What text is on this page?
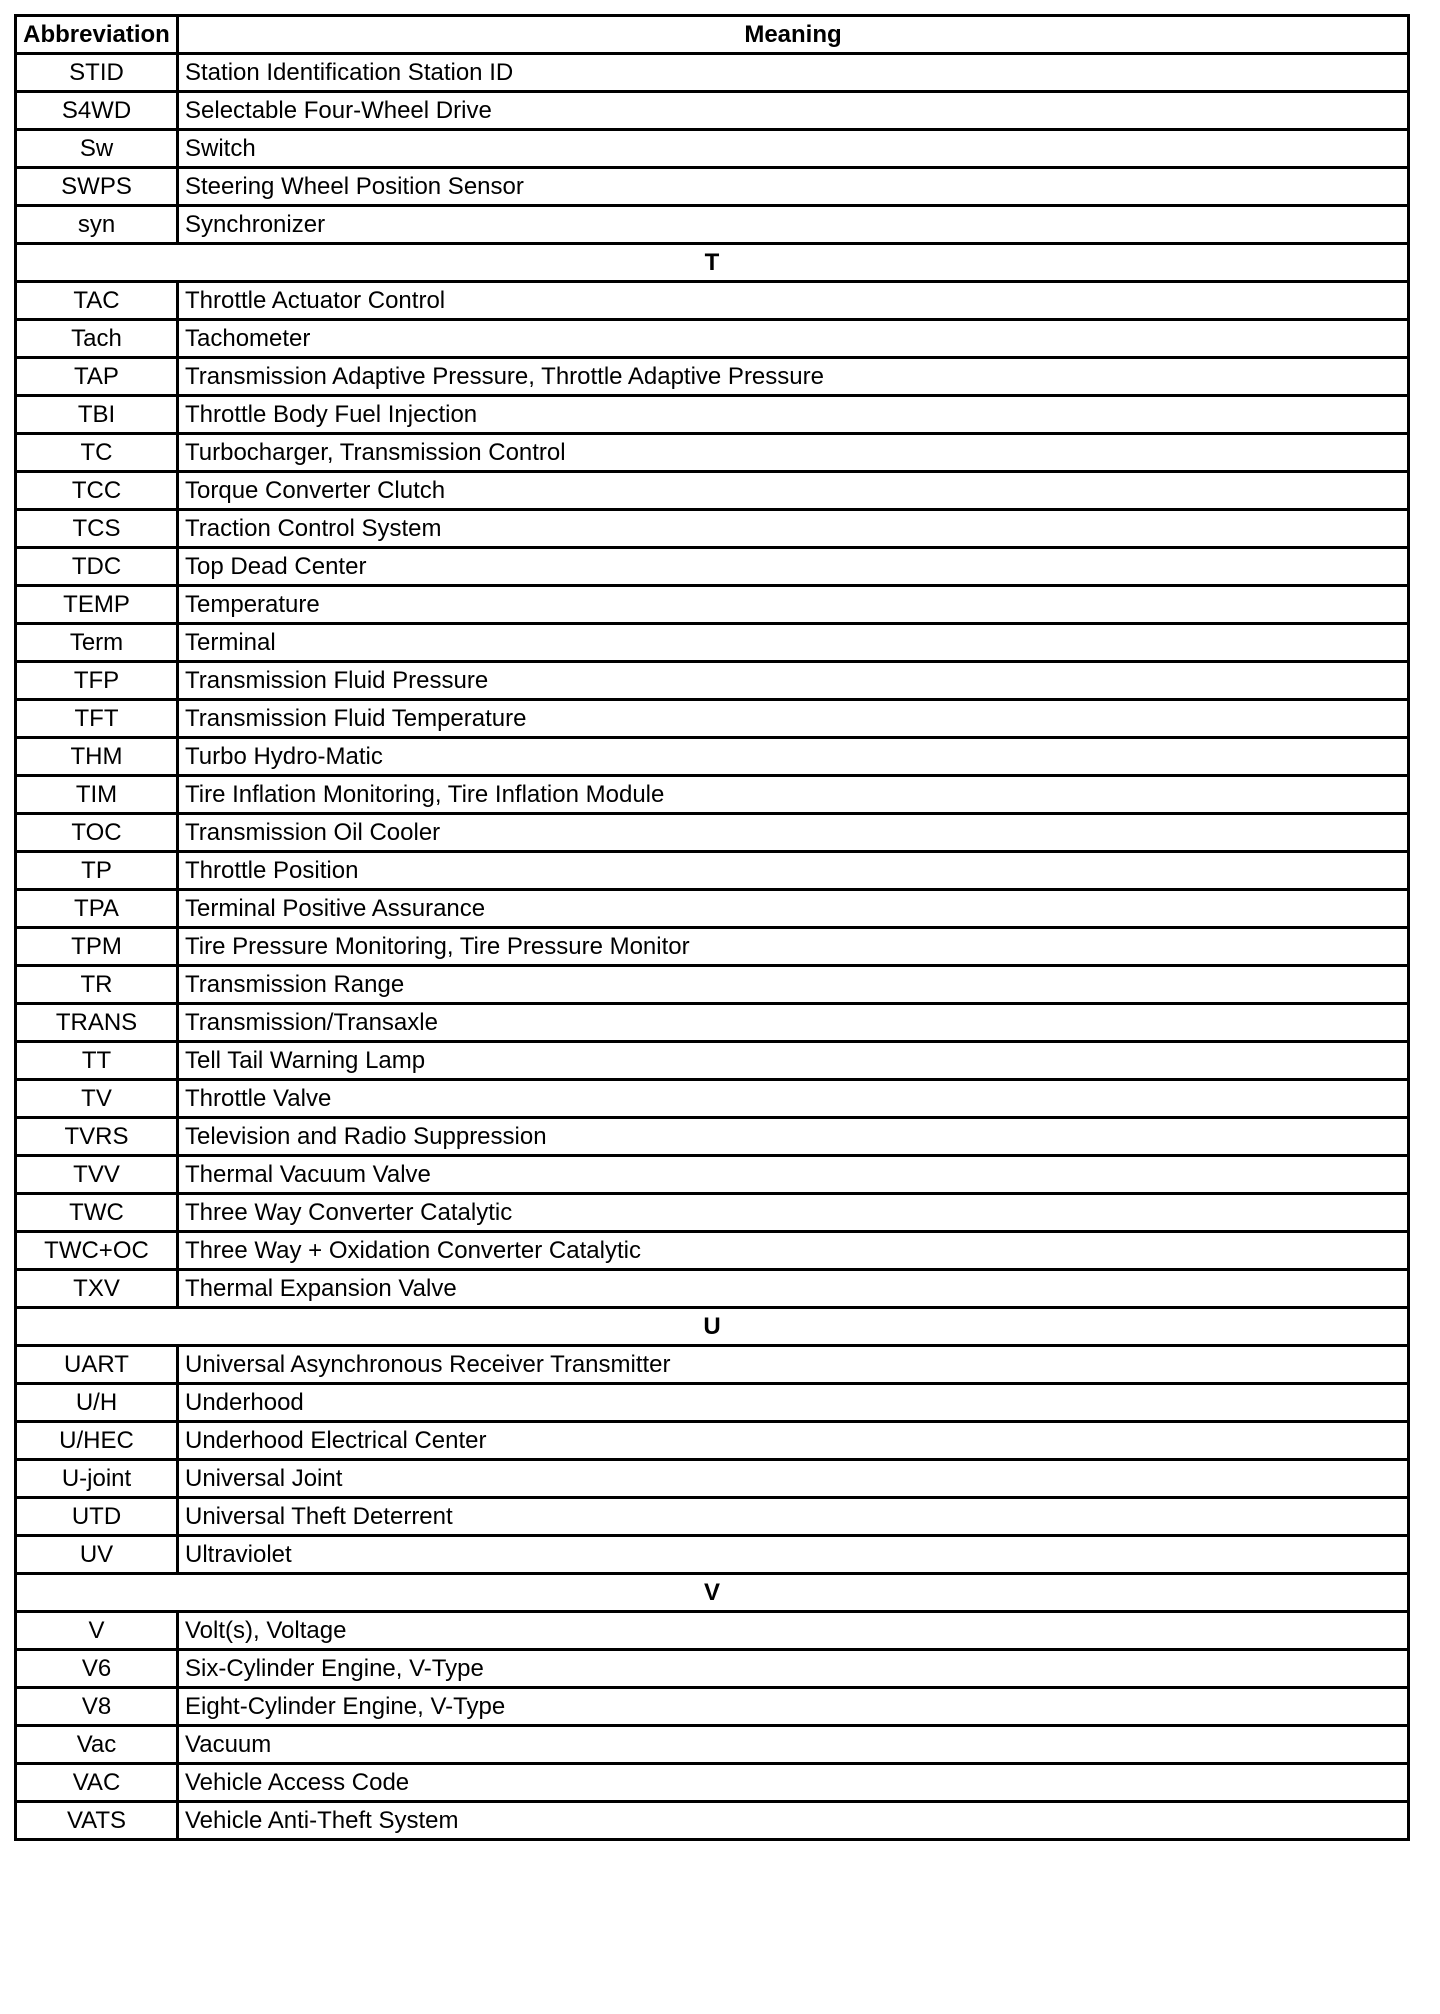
Abbreviation	Meaning
STID	Station Identification Station ID
S4WD	Selectable Four-Wheel Drive
Sw	Switch
SWPS	Steering Wheel Position Sensor
syn	Synchronizer
T	
TAC	Throttle Actuator Control
Tach	Tachometer
TAP	Transmission Adaptive Pressure, Throttle Adaptive Pressure
TBI	Throttle Body Fuel Injection
TC	Turbocharger, Transmission Control
TCC	Torque Converter Clutch
TCS	Traction Control System
TDC	Top Dead Center
TEMP	Temperature
Term	Terminal
TFP	Transmission Fluid Pressure
TFT	Transmission Fluid Temperature
THM	Turbo Hydro-Matic
TIM	Tire Inflation Monitoring, Tire Inflation Module
TOC	Transmission Oil Cooler
TP	Throttle Position
TPA	Terminal Positive Assurance
TPM	Tire Pressure Monitoring, Tire Pressure Monitor
TR	Transmission Range
TRANS	Transmission/Transaxle
TT	Tell Tail Warning Lamp
TV	Throttle Valve
TVRS	Television and Radio Suppression
TVV	Thermal Vacuum Valve
TWC	Three Way Converter Catalytic
TWC+OC	Three Way + Oxidation Converter Catalytic
TXV	Thermal Expansion Valve
U	
UART	Universal Asynchronous Receiver Transmitter
U/H	Underhood
U/HEC	Underhood Electrical Center
U-joint	Universal Joint
UTD	Universal Theft Deterrent
UV	Ultraviolet
V	
V	Volt(s), Voltage
V6	Six-Cylinder Engine, V-Type
V8	Eight-Cylinder Engine, V-Type
Vac	Vacuum
VAC	Vehicle Access Code
VATS	Vehicle Anti-Theft System
